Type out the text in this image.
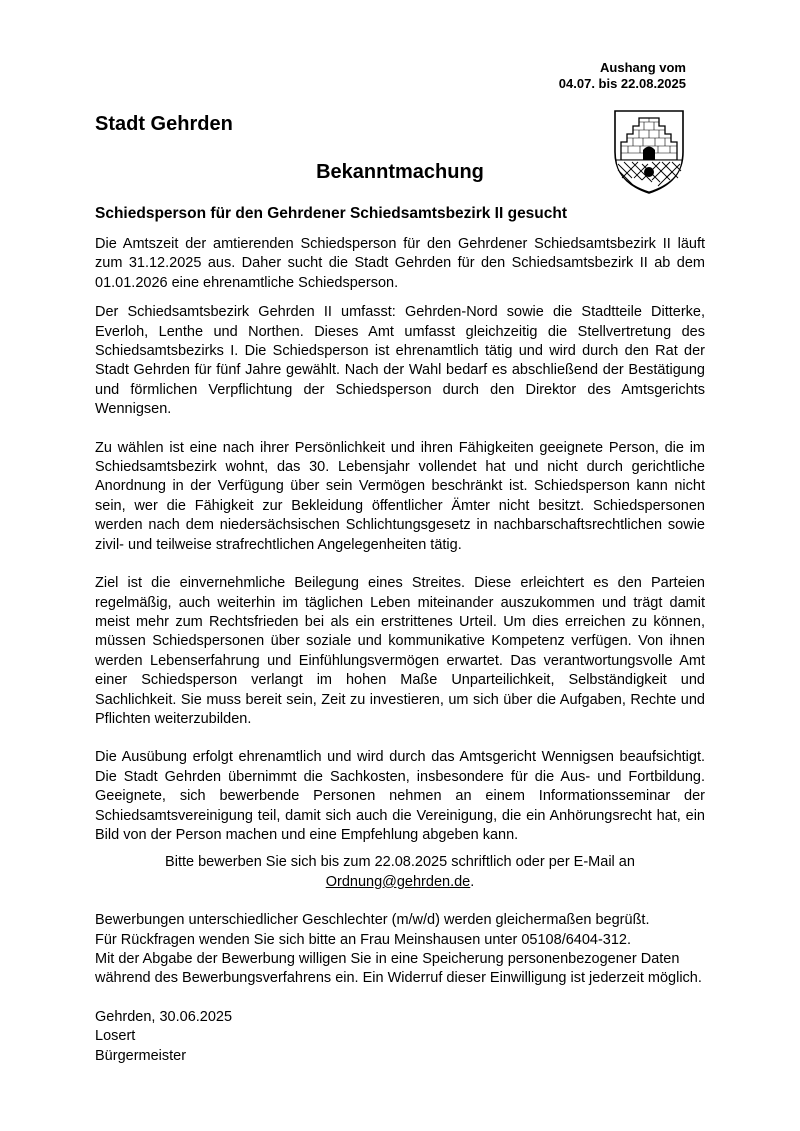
Aushang vom
04.07. bis 22.08.2025
Stadt Gehrden
Bekanntmachung
Schiedsperson für den Gehrdener Schiedsamtsbezirk II gesucht

Die Amtszeit der amtierenden Schiedsperson für den Gehrdener Schiedsamtsbezirk II läuft zum 31.12.2025 aus. Daher sucht die Stadt Gehrden für den Schiedsamtsbezirk II ab dem 01.01.2026 eine ehrenamtliche Schiedsperson.

Der Schiedsamtsbezirk Gehrden II umfasst: Gehrden-Nord sowie die Stadtteile Ditterke, Everloh, Lenthe und Northen. Dieses Amt umfasst gleichzeitig die Stellvertretung des Schiedsamtsbezirks I. Die Schiedsperson ist ehrenamtlich tätig und wird durch den Rat der Stadt Gehrden für fünf Jahre gewählt. Nach der Wahl bedarf es abschließend der Bestätigung und förmlichen Verpflichtung der Schiedsperson durch den Direktor des Amtsgerichts Wennigsen.

Zu wählen ist eine nach ihrer Persönlichkeit und ihren Fähigkeiten geeignete Person, die im Schiedsamtsbezirk wohnt, das 30. Lebensjahr vollendet hat und nicht durch gerichtliche Anordnung in der Verfügung über sein Vermögen beschränkt ist. Schiedsperson kann nicht sein, wer die Fähigkeit zur Bekleidung öffentlicher Ämter nicht besitzt. Schiedspersonen werden nach dem niedersächsischen Schlichtungsgesetz in nachbarschaftsrechtlichen sowie zivil- und teilweise strafrechtlichen Angelegenheiten tätig.

Ziel ist die einvernehmliche Beilegung eines Streites. Diese erleichtert es den Parteien regelmäßig, auch weiterhin im täglichen Leben miteinander auszukommen und trägt damit meist mehr zum Rechtsfrieden bei als ein erstrittenes Urteil. Um dies erreichen zu können, müssen Schiedspersonen über soziale und kommunikative Kompetenz verfügen. Von ihnen werden Lebenserfahrung und Einfühlungsvermögen erwartet. Das verantwortungsvolle Amt einer Schiedsperson verlangt im hohen Maße Unparteilichkeit, Selbständigkeit und Sachlichkeit. Sie muss bereit sein, Zeit zu investieren, um sich über die Aufgaben, Rechte und Pflichten weiterzubilden.

Die Ausübung erfolgt ehrenamtlich und wird durch das Amtsgericht Wennigsen beaufsichtigt. Die Stadt Gehrden übernimmt die Sachkosten, insbesondere für die Aus- und Fortbildung. Geeignete, sich bewerbende Personen nehmen an einem Informationsseminar der Schiedsamtsvereinigung teil, damit sich auch die Vereinigung, die ein Anhörungsrecht hat, ein Bild von der Person machen und eine Empfehlung abgeben kann.

Bitte bewerben Sie sich bis zum 22.08.2025 schriftlich oder per E-Mail an
Ordnung@gehrden.de.

Bewerbungen unterschiedlicher Geschlechter (m/w/d) werden gleichermaßen begrüßt.

Für Rückfragen wenden Sie sich bitte an Frau Meinshausen unter 05108/6404-312.

Mit der Abgabe der Bewerbung willigen Sie in eine Speicherung personenbezogener Daten während des Bewerbungsverfahrens ein. Ein Widerruf dieser Einwilligung ist jederzeit möglich.

Gehrden, 30.06.2025

Losert

Bürgermeister
